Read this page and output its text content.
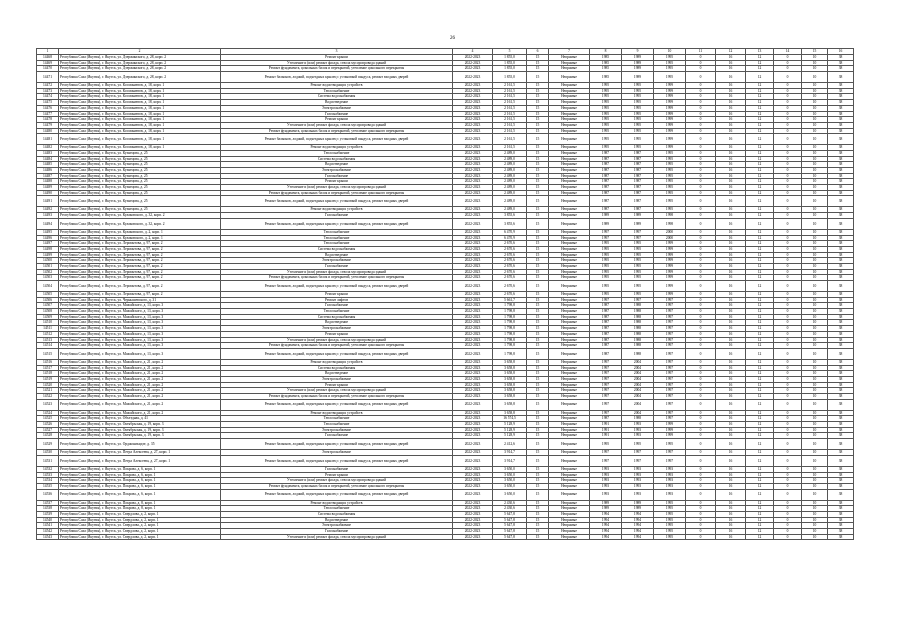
26
1	2	3	4	5	6	7	8	9	10	11	12	13	14	15	16
14468	Республика Саха (Якутия), г. Якутск, ул. Дзержинского, д. 28, корп. 2	Ремонт крыши	2022-2023	1 855,0	15	Непрямые	1985	1989	1995	0	16	12	0	10	38
14469	Республика Саха (Якутия), г. Якутск, ул. Дзержинского, д. 28, корп. 2	Утепление и (или) ремонт фасада, ствола мусоропровода зданий	2022-2023	1 855,0	15	Непрямые	1985	1989	1995	0	16	12	0	10	38
14470	Республика Саха (Якутия), г. Якутск, ул. Дзержинского, д. 28, корп. 2	Ремонт фундамента, цокольных балок и перекрытий, утепление цокольного перекрытия	2022-2023	1 855,0	15	Непрямые	1985	1989	1995	0	16	12	0	10	38
14471	Республика Саха (Якутия), г. Якутск, ул. Дзержинского, д. 28, корп. 2	Ремонт балконов, лоджий, подъездных крылец с установкой пандуса, ремонт входных дверей	2022-2023	1 855,0	15	Непрямые	1985	1989	1995	0	16	12	0	10	38
14472	Республика Саха (Якутия), г. Якутск, ул. Космонавтов, д. 18, корп. 1	Ремонт водоотводящих устройств	2022-2023	2 161,5	15	Непрямые	1995	1995	1999	0	16	12	0	10	38
14473	Республика Саха (Якутия), г. Якутск, ул. Космонавтов, д. 18, корп. 1	Теплоснабжение	2022-2023	2 161,5	15	Непрямые	1995	1995	1999	0	16	12	0	10	38
14474	Республика Саха (Якутия), г. Якутск, ул. Космонавтов, д. 18, корп. 1	Система водоснабжения	2022-2023	2 161,5	15	Непрямые	1995	1995	1999	0	16	12	0	10	38
14475	Республика Саха (Якутия), г. Якутск, ул. Космонавтов, д. 18, корп. 1	Водоотведение	2022-2023	2 161,5	15	Непрямые	1995	1995	1999	0	16	12	0	10	38
14476	Республика Саха (Якутия), г. Якутск, ул. Космонавтов, д. 18, корп. 1	Электроснабжение	2022-2023	2 161,5	15	Непрямые	1995	1995	1999	0	16	12	0	10	38
14477	Республика Саха (Якутия), г. Якутск, ул. Космонавтов, д. 18, корп. 1	Газоснабжение	2022-2023	2 161,5	15	Непрямые	1995	1995	1999	0	16	12	0	10	38
14478	Республика Саха (Якутия), г. Якутск, ул. Космонавтов, д. 18, корп. 1	Ремонт крыши	2022-2023	2 161,5	15	Непрямые	1995	1995	1999	0	16	12	0	10	38
14479	Республика Саха (Якутия), г. Якутск, ул. Космонавтов, д. 18, корп. 1	Утепление и (или) ремонт фасада, ствола мусоропровода зданий	2022-2023	2 161,5	15	Непрямые	1995	1995	1999	0	16	12	0	10	38
14480	Республика Саха (Якутия), г. Якутск, ул. Космонавтов, д. 18, корп. 1	Ремонт фундамента, цокольных балок и перекрытий, утепление цокольного перекрытия	2022-2023	2 161,5	15	Непрямые	1995	1995	1999	0	16	12	0	10	38
14481	Республика Саха (Якутия), г. Якутск, ул. Космонавтов, д. 18, корп. 1	Ремонт балконов, лоджий, подъездных крылец с установкой пандуса, ремонт входных дверей	2022-2023	2 161,5	15	Непрямые	1995	1995	1999	0	16	12	0	10	38
14482	Республика Саха (Якутия), г. Якутск, ул. Космонавтов, д. 18, корп. 1	Ремонт водоотводящих устройств	2022-2023	2 161,5	15	Непрямые	1995	1995	1999	0	16	12	0	10	38
14483	Республика Саха (Якутия), г. Якутск, ул. Кузнецова, д. 25	Теплоснабжение	2022-2023	2 489,0	15	Непрямые	1987	1987	1995	0	16	12	0	10	38
14484	Республика Саха (Якутия), г. Якутск, ул. Кузнецова, д. 25	Система водоснабжения	2022-2023	2 489,0	15	Непрямые	1987	1987	1995	0	16	12	0	10	38
14485	Республика Саха (Якутия), г. Якутск, ул. Кузнецова, д. 25	Водоотведение	2022-2023	2 489,0	15	Непрямые	1987	1987	1995	0	16	12	0	10	38
14486	Республика Саха (Якутия), г. Якутск, ул. Кузнецова, д. 25	Электроснабжение	2022-2023	2 489,0	15	Непрямые	1987	1987	1995	0	16	12	0	10	38
14487	Республика Саха (Якутия), г. Якутск, ул. Кузнецова, д. 25	Газоснабжение	2022-2023	2 489,0	15	Непрямые	1987	1987	1995	0	16	12	0	10	38
14488	Республика Саха (Якутия), г. Якутск, ул. Кузнецова, д. 25	Ремонт крыши	2022-2023	2 489,0	15	Непрямые	1987	1987	1995	0	16	12	0	10	38
14489	Республика Саха (Якутия), г. Якутск, ул. Кузнецова, д. 25	Утепление и (или) ремонт фасада, ствола мусоропровода зданий	2022-2023	2 489,0	15	Непрямые	1987	1987	1995	0	16	12	0	10	38
14490	Республика Саха (Якутия), г. Якутск, ул. Кузнецова, д. 25	Ремонт фундамента, цокольных балок и перекрытий, утепление цокольного перекрытия	2022-2023	2 489,0	15	Непрямые	1987	1987	1995	0	16	12	0	10	38
14491	Республика Саха (Якутия), г. Якутск, ул. Кузнецова, д. 25	Ремонт балконов, лоджий, подъездных крылец с установкой пандуса, ремонт входных дверей	2022-2023	2 489,0	15	Непрямые	1987	1987	1995	0	16	12	0	10	38
14492	Республика Саха (Якутия), г. Якутск, ул. Кузнецова, д. 25	Ремонт водоотводящих устройств	2022-2023	2 489,0	15	Непрямые	1987	1987	1995	0	16	12	0	10	38
14493	Республика Саха (Якутия), г. Якутск, ул. Кулаковского, д. 32, корп. 2	Газоснабжение	2022-2023	3 855,6	15	Непрямые	1989	1989	1998	0	16	12	0	10	38
14494	Республика Саха (Якутия), г. Якутск, ул. Кулаковского, д. 32, корп. 2	Ремонт балконов, лоджий, подъездных крылец с установкой пандуса, ремонт входных дверей	2022-2023	3 855,6	15	Непрямые	1989	1989	1998	0	16	12	0	10	38
14495	Республика Саха (Якутия), г. Якутск, ул. Кулаковского, д. 2, корп. 1	Теплоснабжение	2022-2023	6 470,9	15	Непрямые	1997	1997	2000	0	16	12	0	10	38
14496	Республика Саха (Якутия), г. Якутск, ул. Кулаковского, д. 2, корп. 1	Теплоснабжение	2022-2023	6 470,9	15	Непрямые	1997	1997	2000	0	16	12	0	10	38
14497	Республика Саха (Якутия), г. Якутск, ул. Лермонтова, д. 97, корп. 2	Теплоснабжение	2022-2023	2 670,6	15	Непрямые	1995	1995	1999	0	16	12	0	10	38
14498	Республика Саха (Якутия), г. Якутск, ул. Лермонтова, д. 97, корп. 2	Система водоснабжения	2022-2023	2 670,6	15	Непрямые	1995	1995	1999	0	16	12	0	10	38
14499	Республика Саха (Якутия), г. Якутск, ул. Лермонтова, д. 97, корп. 2	Водоотведение	2022-2023	2 670,6	15	Непрямые	1995	1995	1999	0	16	12	0	10	38
14500	Республика Саха (Якутия), г. Якутск, ул. Лермонтова, д. 97, корп. 2	Электроснабжение	2022-2023	2 670,6	15	Непрямые	1995	1995	1999	0	16	12	0	10	38
14501	Республика Саха (Якутия), г. Якутск, ул. Лермонтова, д. 97, корп. 2	Газоснабжение	2022-2023	2 670,6	15	Непрямые	1995	1995	1999	0	16	12	0	10	38
14502	Республика Саха (Якутия), г. Якутск, ул. Лермонтова, д. 97, корп. 2	Утепление и (или) ремонт фасада, ствола мусоропровода зданий	2022-2023	2 670,6	15	Непрямые	1995	1995	1999	0	16	12	0	10	38
14503	Республика Саха (Якутия), г. Якутск, ул. Лермонтова, д. 97, корп. 2	Ремонт фундамента, цокольных балок и перекрытий, утепление цокольного перекрытия	2022-2023	2 670,6	15	Непрямые	1995	1995	1999	0	16	12	0	10	38
14504	Республика Саха (Якутия), г. Якутск, ул. Лермонтова, д. 97, корп. 2	Ремонт балконов, лоджий, подъездных крылец с установкой пандуса, ремонт входных дверей	2022-2023	2 670,6	15	Непрямые	1995	1995	1999	0	16	12	0	10	38
14505	Республика Саха (Якутия), г. Якутск, ул. Лермонтова, д. 97, корп. 2	Ремонт крыши	2022-2023	2 670,6	15	Непрямые	1995	1995	1999	0	16	12	0	10	38
14506	Республика Саха (Якутия), г. Якутск, ул. Чернышевского, д. 31	Ремонт лифтов	2022-2023	5 661,7	15	Непрямые	1997	1997	1997	0	16	12	0	10	38
14507	Республика Саха (Якутия), г. Якутск, ул. Можайского, д. 13, корп. 3	Газоснабжение	2022-2023	1 798,8	15	Непрямые	1987	1988	1997	0	16	12	0	10	38
14508	Республика Саха (Якутия), г. Якутск, ул. Можайского, д. 13, корп. 3	Теплоснабжение	2022-2023	1 798,8	15	Непрямые	1987	1988	1997	0	16	12	0	10	38
14509	Республика Саха (Якутия), г. Якутск, ул. Можайского, д. 13, корп. 3	Система водоснабжения	2022-2023	1 798,8	15	Непрямые	1987	1988	1997	0	16	12	0	10	38
14510	Республика Саха (Якутия), г. Якутск, ул. Можайского, д. 13, корп. 3	Водоотведение	2022-2023	1 798,8	15	Непрямые	1987	1988	1997	0	16	12	0	10	38
14511	Республика Саха (Якутия), г. Якутск, ул. Можайского, д. 13, корп. 3	Электроснабжение	2022-2023	1 798,8	15	Непрямые	1987	1988	1997	0	16	12	0	10	38
14512	Республика Саха (Якутия), г. Якутск, ул. Можайского, д. 13, корп. 3	Ремонт крыши	2022-2023	1 798,8	15	Непрямые	1987	1988	1997	0	16	12	0	10	38
14513	Республика Саха (Якутия), г. Якутск, ул. Можайского, д. 13, корп. 3	Утепление и (или) ремонт фасада, ствола мусоропровода зданий	2022-2023	1 798,8	15	Непрямые	1987	1988	1997	0	16	12	0	10	38
14514	Республика Саха (Якутия), г. Якутск, ул. Можайского, д. 13, корп. 3	Ремонт фундамента, цокольных балок и перекрытий, утепление цокольного перекрытия	2022-2023	1 798,8	15	Непрямые	1987	1988	1997	0	16	12	0	10	38
14515	Республика Саха (Якутия), г. Якутск, ул. Можайского, д. 13, корп. 3	Ремонт балконов, лоджий, подъездных крылец с установкой пандуса, ремонт входных дверей	2022-2023	1 798,8	15	Непрямые	1987	1988	1997	0	16	12	0	10	38
14516	Республика Саха (Якутия), г. Якутск, ул. Можайского, д. 21, корп. 2	Ремонт водоотводящих устройств	2022-2023	3 658,8	15	Непрямые	1997	2004	1997	0	16	12	0	10	38
14517	Республика Саха (Якутия), г. Якутск, ул. Можайского, д. 21, корп. 2	Система водоснабжения	2022-2023	3 658,8	15	Непрямые	1997	2004	1997	0	16	12	0	10	38
14518	Республика Саха (Якутия), г. Якутск, ул. Можайского, д. 21, корп. 2	Водоотведение	2022-2023	3 658,8	15	Непрямые	1997	2004	1997	0	16	12	0	10	38
14519	Республика Саха (Якутия), г. Якутск, ул. Можайского, д. 21, корп. 2	Электроснабжение	2022-2023	3 658,8	15	Непрямые	1997	2004	1997	0	16	12	0	10	38
14520	Республика Саха (Якутия), г. Якутск, ул. Можайского, д. 21, корп. 2	Ремонт крыши	2022-2023	3 658,8	15	Непрямые	1997	2004	1997	0	16	12	0	10	38
14521	Республика Саха (Якутия), г. Якутск, ул. Можайского, д. 21, корп. 2	Утепление и (или) ремонт фасада, ствола мусоропровода зданий	2022-2023	3 658,8	15	Непрямые	1997	2004	1997	0	16	12	0	10	38
14522	Республика Саха (Якутия), г. Якутск, ул. Можайского, д. 21, корп. 2	Ремонт фундамента, цокольных балок и перекрытий, утепление цокольного перекрытия	2022-2023	3 658,8	15	Непрямые	1997	2004	1997	0	16	12	0	10	38
14523	Республика Саха (Якутия), г. Якутск, ул. Можайского, д. 21, корп. 2	Ремонт балконов, лоджий, подъездных крылец с установкой пандуса, ремонт входных дверей	2022-2023	3 658,8	15	Непрямые	1997	2004	1997	0	16	12	0	10	38
14524	Республика Саха (Якутия), г. Якутск, ул. Можайского, д. 21, корп. 2	Ремонт водоотводящих устройств	2022-2023	3 658,8	15	Непрямые	1997	2004	1997	0	16	12	0	10	38
14525	Республика Саха (Якутия), г. Якутск, ул. Объездная, д. 41	Теплоснабжение	2022-2023	16 574,5	15	Непрямые	1987	1988	1997	0	16	12	0	10	38
14526	Республика Саха (Якутия), г. Якутск, ул. Октябрьская, д. 19, корп. 3	Теплоснабжение	2022-2023	5 128,9	15	Непрямые	1991	1993	1999	0	16	12	0	10	38
14527	Республика Саха (Якутия), г. Якутск, ул. Октябрьская, д. 19, корп. 3	Электроснабжение	2022-2023	5 128,9	15	Непрямые	1991	1993	1999	0	16	12	0	10	38
14528	Республика Саха (Якутия), г. Якутск, ул. Октябрьская, д. 19, корп. 3	Газоснабжение	2022-2023	5 128,9	15	Непрямые	1991	1993	1999	0	16	12	0	10	38
14529	Республика Саха (Якутия), г. Якутск, ул. Орджоникидзе, д. 35	Ремонт балконов, лоджий, подъездных крылец с установкой пандуса, ремонт входных дверей	2022-2023	2 412,6	15	Непрямые	1995	1995	1995	0	16	12	0	10	38
14530	Республика Саха (Якутия), г. Якутск, ул. Петра Алексеева, д. 27, корп. 1	Электроснабжение	2022-2023	3 914,7	15	Непрямые	1997	1997	1997	0	16	12	0	10	38
14531	Республика Саха (Якутия), г. Якутск, ул. Петра Алексеева, д. 27, корп. 1	Ремонт балконов, лоджий, подъездных крылец с установкой пандуса, ремонт входных дверей	2022-2023	3 914,7	15	Непрямые	1997	1997	1997	0	16	12	0	10	38
14532	Республика Саха (Якутия), г. Якутск, ул. Покрова, д. 6, корп. 1	Газоснабжение	2022-2023	3 650,0	15	Непрямые	1993	1993	1993	0	16	12	0	10	38
14533	Республика Саха (Якутия), г. Якутск, ул. Покрова, д. 6, корп. 1	Ремонт крыши	2022-2023	3 650,0	15	Непрямые	1993	1993	1993	0	16	12	0	10	38
14534	Республика Саха (Якутия), г. Якутск, ул. Покрова, д. 6, корп. 1	Утепление и (или) ремонт фасада, ствола мусоропровода зданий	2022-2023	3 650,0	15	Непрямые	1993	1993	1993	0	16	12	0	10	38
14535	Республика Саха (Якутия), г. Якутск, ул. Покрова, д. 6, корп. 1	Ремонт фундамента, цокольных балок и перекрытий, утепление цокольного перекрытия	2022-2023	3 650,0	15	Непрямые	1993	1993	1993	0	16	12	0	10	38
14536	Республика Саха (Якутия), г. Якутск, ул. Покрова, д. 6, корп. 1	Ремонт балконов, лоджий, подъездных крылец с установкой пандуса, ремонт входных дверей	2022-2023	3 650,0	15	Непрямые	1993	1993	1993	0	16	12	0	10	38
14537	Республика Саха (Якутия), г. Якутск, ул. Покрова, д. 8, корп. 1	Ремонт водоотводящих устройств	2022-2023	2 430,6	15	Непрямые	1989	1989	1995	0	16	12	0	10	38
14538	Республика Саха (Якутия), г. Якутск, ул. Покрова, д. 8, корп. 1	Теплоснабжение	2022-2023	2 430,6	15	Непрямые	1989	1989	1995	0	16	12	0	10	38
14539	Республика Саха (Якутия), г. Якутск, ул. Свердлова, д. 2, корп. 1	Система водоснабжения	2022-2023	5 647,8	15	Непрямые	1994	1994	1995	0	16	12	0	10	38
14540	Республика Саха (Якутия), г. Якутск, ул. Свердлова, д. 2, корп. 1	Водоотведение	2022-2023	5 647,8	15	Непрямые	1994	1994	1995	0	16	12	0	10	38
14541	Республика Саха (Якутия), г. Якутск, ул. Свердлова, д. 2, корп. 1	Электроснабжение	2022-2023	5 647,8	15	Непрямые	1994	1994	1995	0	16	12	0	10	38
14542	Республика Саха (Якутия), г. Якутск, ул. Свердлова, д. 2, корп. 1	Газоснабжение	2022-2023	5 647,8	15	Непрямые	1994	1994	1995	0	16	12	0	10	38
14543	Республика Саха (Якутия), г. Якутск, ул. Свердлова, д. 2, корп. 1	Утепление и (или) ремонт фасада, ствола мусоропровода зданий	2022-2023	5 647,8	15	Непрямые	1994	1994	1995	0	16	12	0	10	38
